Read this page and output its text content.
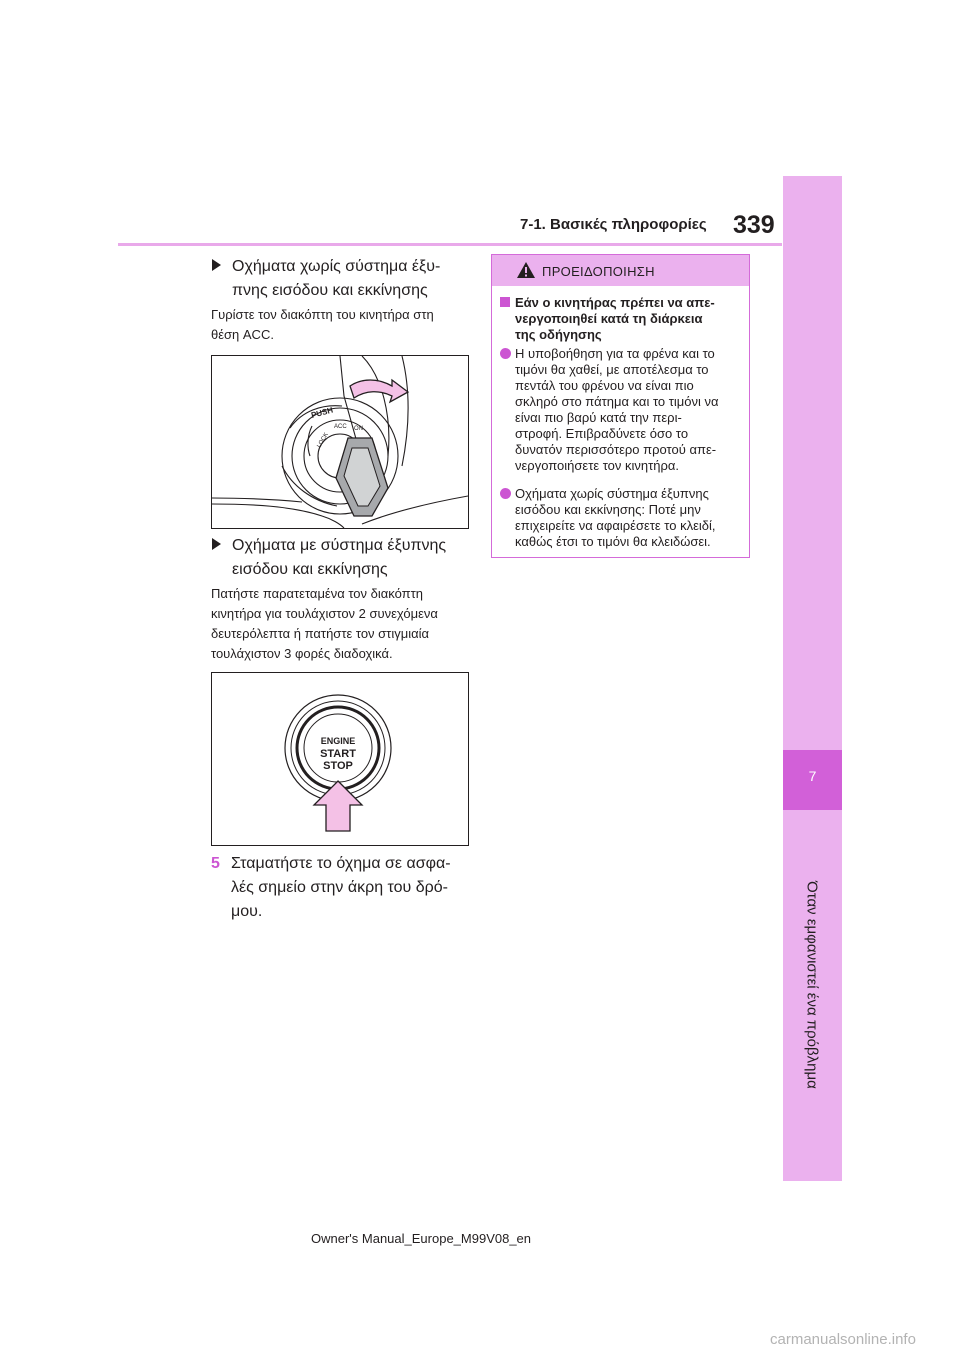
7
Όταν εμφανιστεί ένα πρόβλημα
7-1. Βασικές πληροφορίες 339
Οχήματα χωρίς σύστημα έξυ-
πνης εισόδου και εκκίνησης
Γυρίστε τον διακόπτη του κινητήρα στη
θέση ACC.
PUSH
LOCK
ACC ON
Οχήματα με σύστημα έξυπνης
εισόδου και εκκίνησης
Πατήστε παρατεταμένα τον διακόπτη
κινητήρα για τουλάχιστον 2 συνεχόμενα
δευτερόλεπτα ή πατήστε τον στιγμιαία
τουλάχιστον 3 φορές διαδοχικά.
ENGINE
START
STOP
5 Σταματήστε το όχημα σε ασφα-
λές σημείο στην άκρη του δρό-
μου.
ΠΡΟΕΙΔΟΠΟΙΗΣΗ
Εάν ο κινητήρας πρέπει να απε-
νεργοποιηθεί κατά τη διάρκεια
της οδήγησης
Η υποβοήθηση για τα φρένα και το
τιμόνι θα χαθεί, με αποτέλεσμα το
πεντάλ του φρένου να είναι πιο
σκληρό στο πάτημα και το τιμόνι να
είναι πιο βαρύ κατά την περι-
στροφή. Επιβραδύνετε όσο το
δυνατόν περισσότερο προτού απε-
νεργοποιήσετε τον κινητήρα.
Οχήματα χωρίς σύστημα έξυπνης
εισόδου και εκκίνησης: Ποτέ μην
επιχειρείτε να αφαιρέσετε το κλειδί,
καθώς έτσι το τιμόνι θα κλειδώσει.
Owner's Manual_Europe_M99V08_en
carmanualsonline.info
